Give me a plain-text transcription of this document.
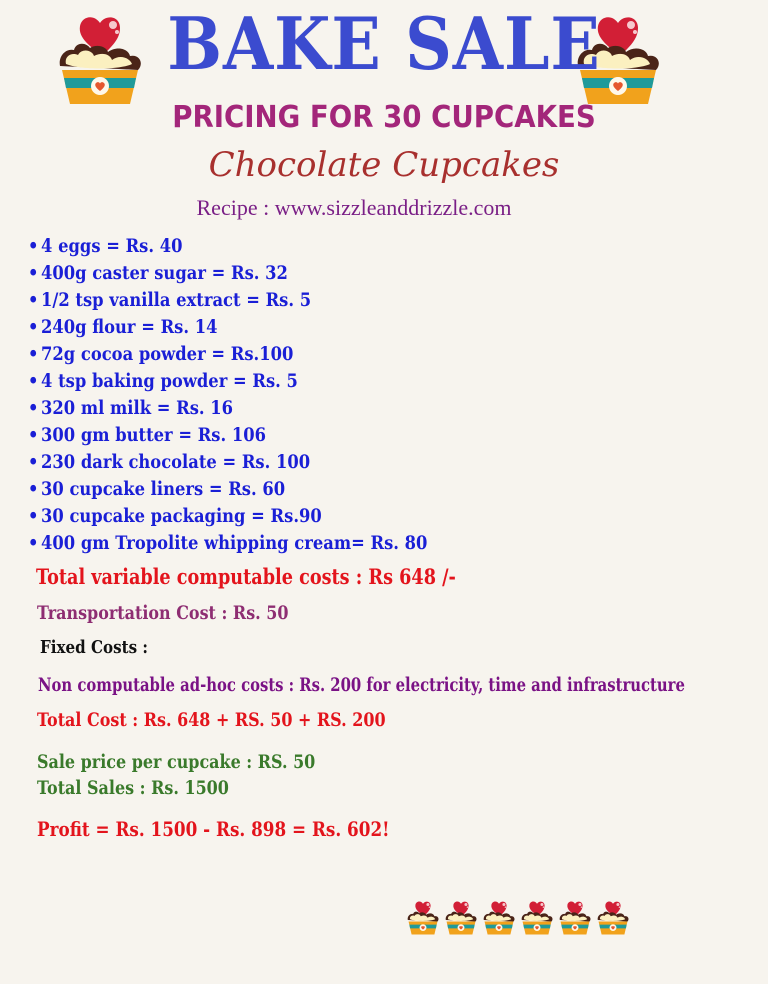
BAKE SALE
PRICING FOR 30 CUPCAKES
Chocolate Cupcakes
Recipe : www.sizzleanddrizzle.com
• 4 eggs = Rs. 40
• 400g caster sugar = Rs. 32
• 1/2 tsp vanilla extract = Rs. 5
• 240g flour = Rs. 14
• 72g cocoa powder = Rs.100
• 4 tsp baking powder = Rs. 5
• 320 ml milk = Rs. 16
• 300 gm butter = Rs. 106
• 230 dark chocolate = Rs. 100
• 30 cupcake liners = Rs. 60
• 30 cupcake packaging = Rs.90
• 400 gm Tropolite whipping cream= Rs. 80
Total variable computable costs : Rs 648 /-
Transportation Cost : Rs. 50
Fixed Costs :
Non computable ad-hoc costs : Rs. 200 for electricity, time and infrastructure
Total Cost : Rs. 648 + RS. 50 + RS. 200
Sale price per cupcake : RS. 50
Total Sales : Rs. 1500
Profit = Rs. 1500 - Rs. 898 = Rs. 602!
